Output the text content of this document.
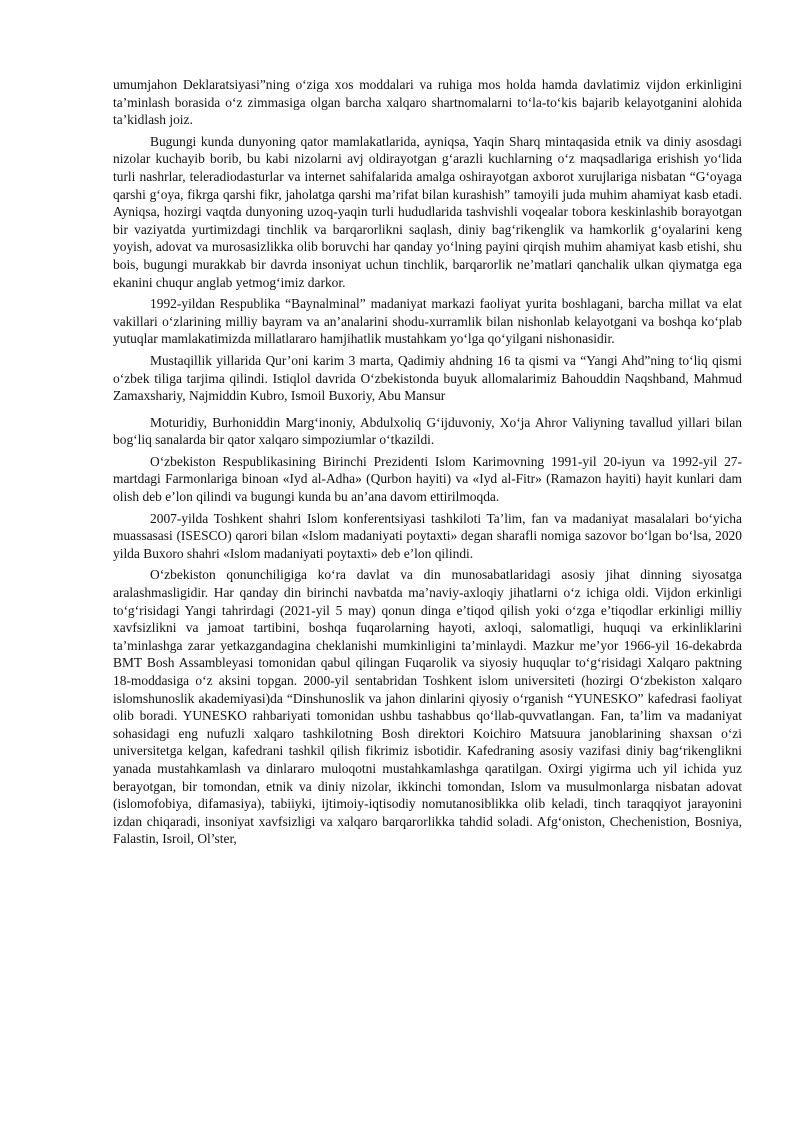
umumjahon Deklaratsiyasi”ning o‘ziga xos moddalari va ruhiga mos holda hamda davlatimiz vijdon erkinligini ta’minlash borasida o‘z zimmasiga olgan barcha xalqaro shartnomalarni to‘la-to‘kis bajarib kelayotganini alohida ta’kidlash joiz.

Bugungi kunda dunyoning qator mamlakatlarida, ayniqsa, Yaqin Sharq mintaqasida etnik va diniy asosdagi nizolar kuchayib borib, bu kabi nizolarni avj oldirayotgan g‘arazli kuchlarning o‘z maqsadlariga erishish yo‘lida turli nashrlar, teleradiodasturlar va internet sahifalarida amalga oshirayotgan axborot xurujlariga nisbatan “G‘oyaga qarshi g‘oya, fikrga qarshi fikr, jaholatga qarshi ma’rifat bilan kurashish” tamoyili juda muhim ahamiyat kasb etadi. Ayniqsa, hozirgi vaqtda dunyoning uzoq-yaqin turli hududlarida tashvishli voqealar tobora keskinlashib borayotgan bir vaziyatda yurtimizdagi tinchlik va barqarorlikni saqlash, diniy bag‘rikenglik va hamkorlik g‘oyalarini keng yoyish, adovat va murosasizlikka olib boruvchi har qanday yo‘lning payini qirqish muhim ahamiyat kasb etishi, shu bois, bugungi murakkab bir davrda insoniyat uchun tinchlik, barqarorlik ne’matlari qanchalik ulkan qiymatga ega ekanini chuqur anglab yetmog‘imiz darkor.

1992-yildan Respublika “Baynalminal” madaniyat markazi faoliyat yurita boshlagani, barcha millat va elat vakillari o‘zlarining milliy bayram va an’analarini shodu-xurramlik bilan nishonlab kelayotgani va boshqa ko‘plab yutuqlar mamlakatimizda millatlararo hamjihatlik mustahkam yo‘lga qo‘yilgani nishonasidir.

Mustaqillik yillarida Qur’oni karim 3 marta, Qadimiy ahdning 16 ta qismi va “Yangi Ahd”ning to‘liq qismi o‘zbek tiliga tarjima qilindi. Istiqlol davrida O‘zbekistonda buyuk allomalarimiz Bahouddin Naqshband, Mahmud Zamaxshariy, Najmiddin Kubro, Ismoil Buxoriy, Abu Mansur

Moturidiy, Burhoniddin Marg‘inoniy, Abdulxoliq G‘ijduvoniy, Xo‘ja Ahror Valiyning tavallud yillari bilan bog‘liq sanalarda bir qator xalqaro simpoziumlar o‘tkazildi.

O‘zbekiston Respublikasining Birinchi Prezidenti Islom Karimovning 1991-yil 20-iyun va 1992-yil 27-martdagi Farmonlariga binoan «Iyd al-Adha» (Qurbon hayiti) va «Iyd al-Fitr» (Ramazon hayiti) hayit kunlari dam olish deb e’lon qilindi va bugungi kunda bu an’ana davom ettirilmoqda.

2007-yilda Toshkent shahri Islom konferentsiyasi tashkiloti Ta’lim, fan va madaniyat masalalari bo‘yicha muassasasi (ISESCO) qarori bilan «Islom madaniyati poytaxti» degan sharafli nomiga sazovor bo‘lgan bo‘lsa, 2020 yilda Buxoro shahri «Islom madaniyati poytaxti» deb e’lon qilindi.

O‘zbekiston qonunchiligiga ko‘ra davlat va din munosabatlaridagi asosiy jihat dinning siyosatga aralashmasligidir. Har qanday din birinchi navbatda ma’naviy-axloqiy jihatlarni o‘z ichiga oldi. Vijdon erkinligi to‘g‘risidagi Yangi tahrirdagi (2021-yil 5 may) qonun dinga e’tiqod qilish yoki o‘zga e’tiqodlar erkinligi milliy xavfsizlikni va jamoat tartibini, boshqa fuqarolarning hayoti, axloqi, salomatligi, huquqi va erkinliklarini ta’minlashga zarar yetkazgandagina cheklanishi mumkinligini ta’minlaydi. Mazkur me’yor 1966-yil 16-dekabrda BMT Bosh Assambleyasi tomonidan qabul qilingan Fuqarolik va siyosiy huquqlar to‘g‘risidagi Xalqaro paktning 18-moddasiga o‘z aksini topgan. 2000-yil sentabridan Toshkent islom universiteti (hozirgi O‘zbekiston xalqaro islomshunoslik akademiyasi)da “Dinshunoslik va jahon dinlarini qiyosiy o‘rganish “YUNESKO” kafedrasi faoliyat olib boradi. YUNESKO rahbariyati tomonidan ushbu tashabbus qo‘llab-quvvatlangan. Fan, ta’lim va madaniyat sohasidagi eng nufuzli xalqaro tashkilotning Bosh direktori Koichiro Matsuura janoblarining shaxsan o‘zi universitetga kelgan, kafedrani tashkil qilish fikrimiz isbotidir. Kafedraning asosiy vazifasi diniy bag‘rikenglikni yanada mustahkamlash va dinlararo muloqotni mustahkamlashga qaratilgan. Oxirgi yigirma uch yil ichida yuz berayotgan, bir tomondan, etnik va diniy nizolar, ikkinchi tomondan, Islom va musulmonlarga nisbatan adovat (islomofobiya, difamasiya), tabiiyki, ijtimoiy-iqtisodiy nomutanosiblikka olib keladi, tinch taraqqiyot jarayonini izdan chiqaradi, insoniyat xavfsizligi va xalqaro barqarorlikka tahdid soladi. Afg‘oniston, Chechenistion, Bosniya, Falastin, Isroil, Ol’ster,
